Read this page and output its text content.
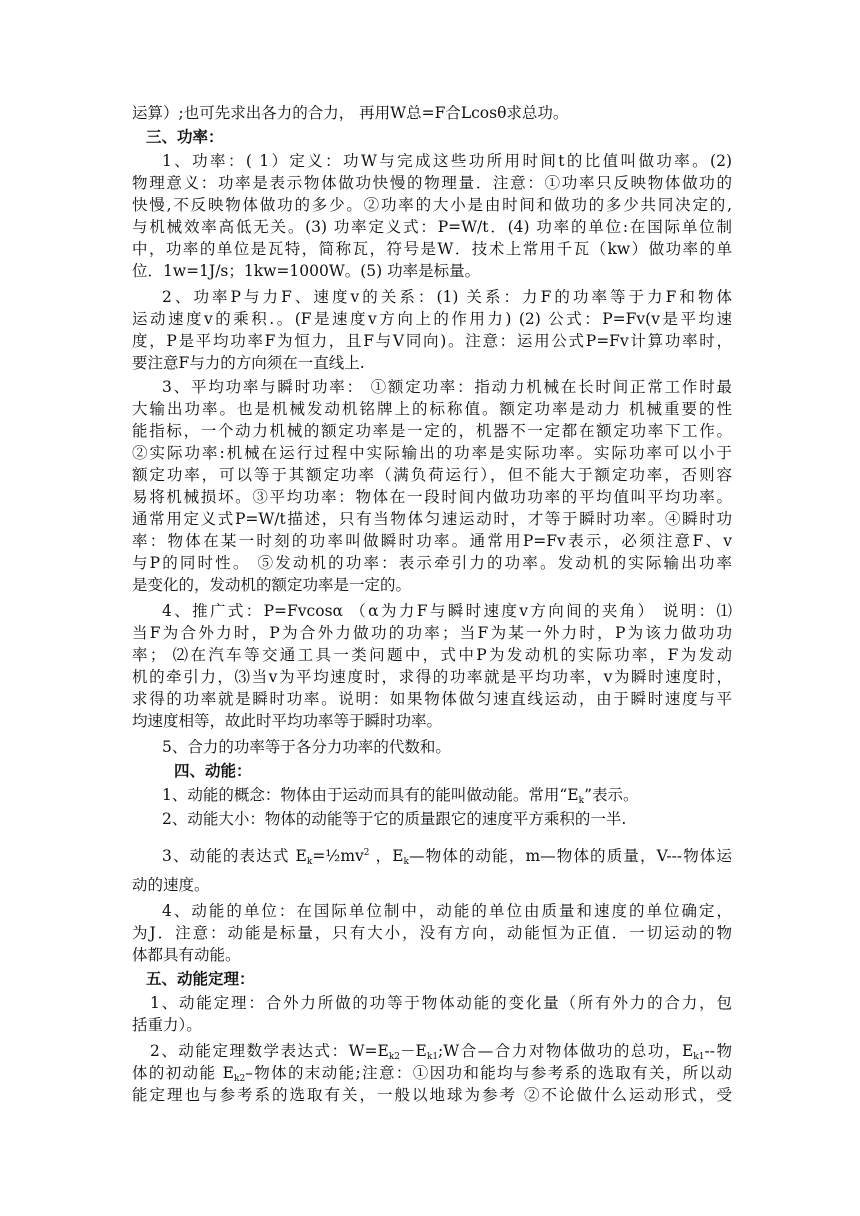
运算）;也可先求出各力的合力， 再用W总=F合Lcosθ求总功。
三、功率：
1、功率：( 1）定义：功W与完成这些功所用时间t的比值叫做功率。(2)
物理意义：功率是表示物体做功快慢的物理量．注意：①功率只反映物体做功的
快慢,不反映物体做功的多少。②功率的大小是由时间和做功的多少共同决定的,
与机械效率高低无关。(3) 功率定义式：P=W/t．(4) 功率的单位:在国际单位制
中，功率的单位是瓦特，简称瓦，符号是W．技术上常用千瓦（kw）做功率的单
位．1w=1J/s；1kw=1000W。(5) 功率是标量。
2、功率P与力F、速度v的关系：(1) 关系：力F的功率等于力F和物体
运动速度v的乘积.。(F是速度v方向上的作用力) (2) 公式：P=Fv(v是平均速
度，P是平均功率F为恒力，且F与V同向)。注意：运用公式P=Fv计算功率时，
要注意F与力的方向须在一直线上.
3、平均功率与瞬时功率： ①额定功率：指动力机械在长时间正常工作时最
大输出功率。也是机械发动机铭牌上的标称值。额定功率是动力 机械重要的性
能指标，一个动力机械的额定功率是一定的，机器不一定都在额定功率下工作。
②实际功率:机械在运行过程中实际输出的功率是实际功率。实际功率可以小于
额定功率，可以等于其额定功率（满负荷运行），但不能大于额定功率，否则容
易将机械损坏。③平均功率：物体在一段时间内做功功率的平均值叫平均功率。
通常用定义式P=W/t描述，只有当物体匀速运动时，才等于瞬时功率。④瞬时功
率：物体在某一时刻的功率叫做瞬时功率。通常用P=Fv表示，必须注意F、v
与P的同时性。 ⑤发动机的功率：表示牵引力的功率。发动机的实际输出功率
是变化的，发动机的额定功率是一定的。
4、推广式：P=Fvcosα （α为力F与瞬时速度v方向间的夹角） 说明：⑴
当F为合外力时，P为合外力做功的功率；当F为某一外力时，P为该力做功功
率； ⑵在汽车等交通工具一类问题中，式中P为发动机的实际功率，F为发动
机的牵引力，⑶当v为平均速度时，求得的功率就是平均功率，v为瞬时速度时，
求得的功率就是瞬时功率。说明：如果物体做匀速直线运动，由于瞬时速度与平
均速度相等，故此时平均功率等于瞬时功率。
5、合力的功率等于各分力功率的代数和。
四、动能：
1、动能的概念：物体由于运动而具有的能叫做动能。常用“$E_k$”表示。
2、动能大小：物体的动能等于它的质量跟它的速度平方乘积的一半.
3、动能的表达式 $E_k=\frac{1}{2}mv^2$ ，$E_k—$物体的动能，m—物体的质量，V---物体运
动的速度。
4、动能的单位：在国际单位制中，动能的单位由质量和速度的单位确定，
为J．注意：动能是标量，只有大小，没有方向，动能恒为正值．一切运动的物
体都具有动能。
五、动能定理：
1、动能定理：合外力所做的功等于物体动能的变化量（所有外力的合力，包
括重力）。
2、动能定理数学表达式：$W=E_{k2}-E_{k1};W$合—合力对物体做功的总功，$E_{k1}--$物
体的初动能 $E_{k2}-$物体的末动能;注意：①因功和能均与参考系的选取有关，所以动
能定理也与参考系的选取有关，一般以地球为参考 ②不论做什么运动形式，受
